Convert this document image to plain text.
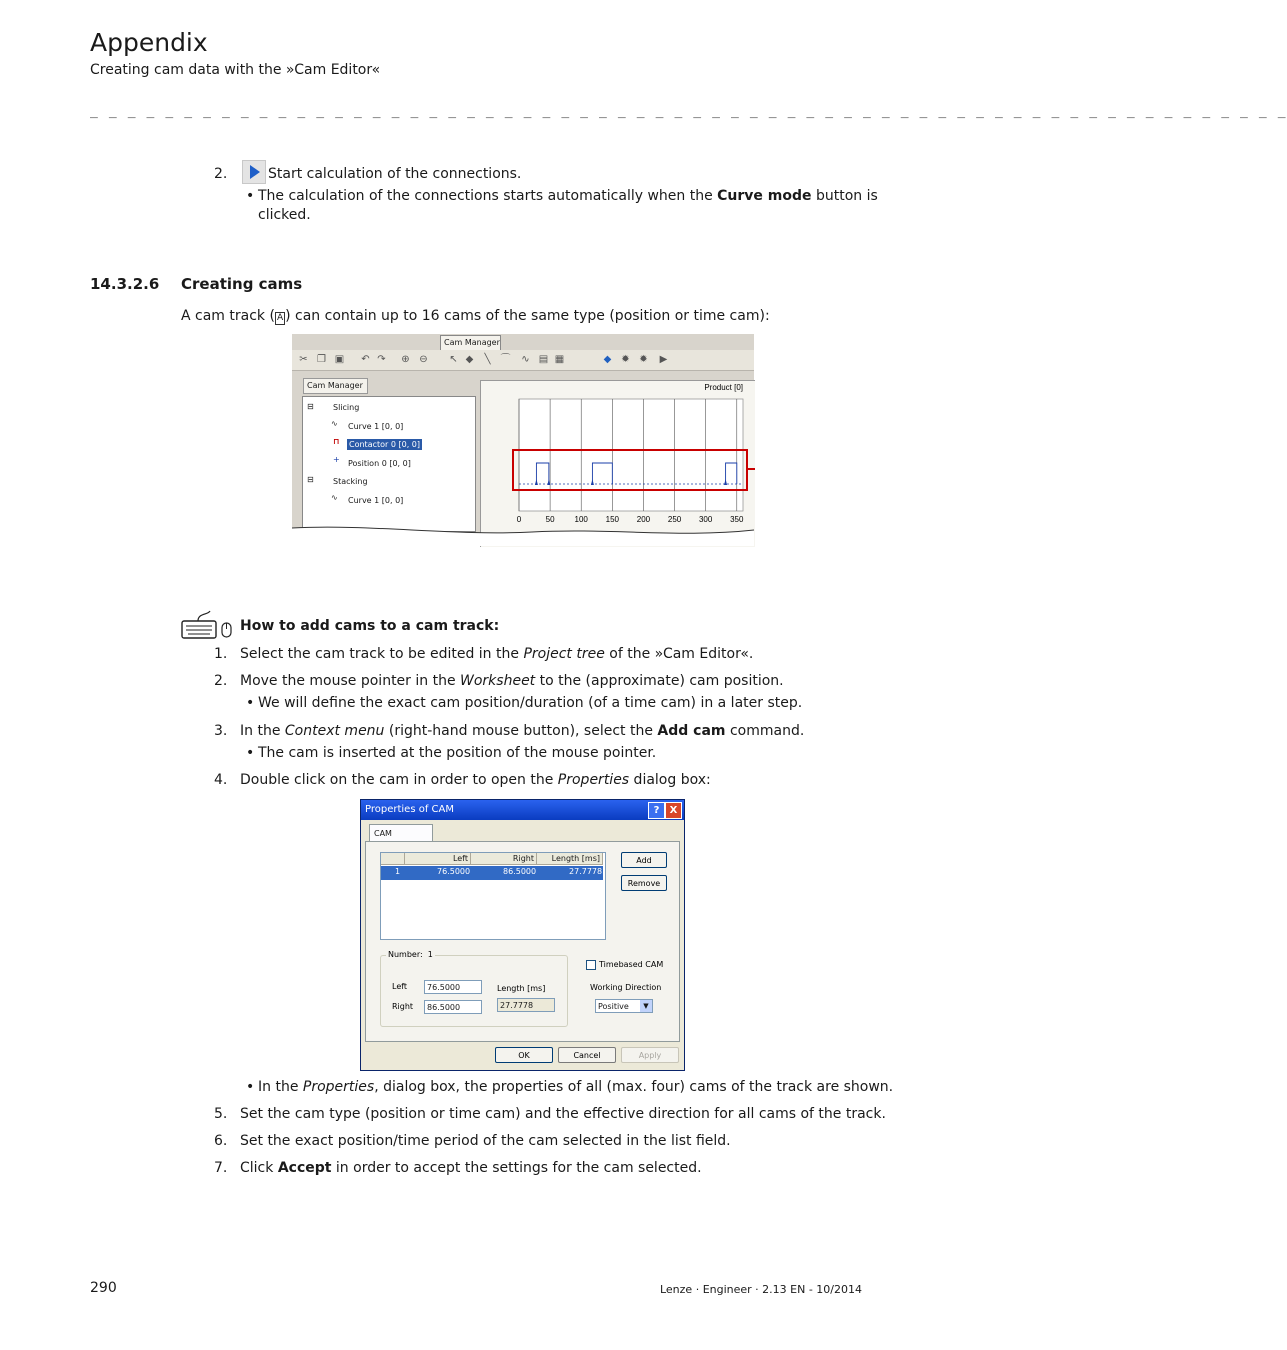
Appendix
Creating cam data with the »Cam Editor«
_ _ _ _ _ _ _ _ _ _ _ _ _ _ _ _ _ _ _ _ _ _ _ _ _ _ _ _ _ _ _ _ _ _ _ _ _ _ _ _ _ _ _ _ _ _ _ _ _ _ _ _ _ _ _ _ _ _ _ _ _ _ _ _
2.	Start calculation of the connections.
• The calculation of the connections starts automatically when the Curve mode button is
clicked.
14.3.2.6 Creating cams
A cam track ( A ) can contain up to 16 cams of the same type (position or time cam):
Cam Manager
✂ ❐ ▣ ↶ ↷ ⊕ ⊖ ↖ ◆ ╲ ⌒ ∿ ▤ ▦	◆ ✹ ✹ ▶
Cam Manager
⊟ Slicing
∿ Curve 1 [0, 0]
⊓ Contactor 0 [0, 0]
+ Position 0 [0, 0]
⊟ Stacking
∿ Curve 1 [0, 0]
Product [0]
0	50 100 150 200 250 300 350
How to add cams to a cam track:
1. Select the cam track to be edited in the Project tree of the »Cam Editor«.
2. Move the mouse pointer in the Worksheet to the (approximate) cam position.
• We will define the exact cam position/duration (of a time cam) in a later step.
3. In the Context menu (right-hand mouse button), select the Add cam command.
• The cam is inserted at the position of the mouse pointer.
4. Double click on the cam in order to open the Properties dialog box:
Properties of CAM	?	X
CAM
Left	Right	Length [ms]
1	76.5000	86.5000	27.7778
Add
Remove
Number: 1
Left	76.5000
Right	86.5000
Length [ms]
27.7778
Timebased CAM
Working Direction
Positive	▼
OK	Cancel	Apply
• In the Properties, dialog box, the properties of all (max. four) cams of the track are shown.
5. Set the cam type (position or time cam) and the effective direction for all cams of the track.
6. Set the exact position/time period of the cam selected in the list field.
7. Click Accept in order to accept the settings for the cam selected.
290	Lenze · Engineer · 2.13 EN - 10/2014
